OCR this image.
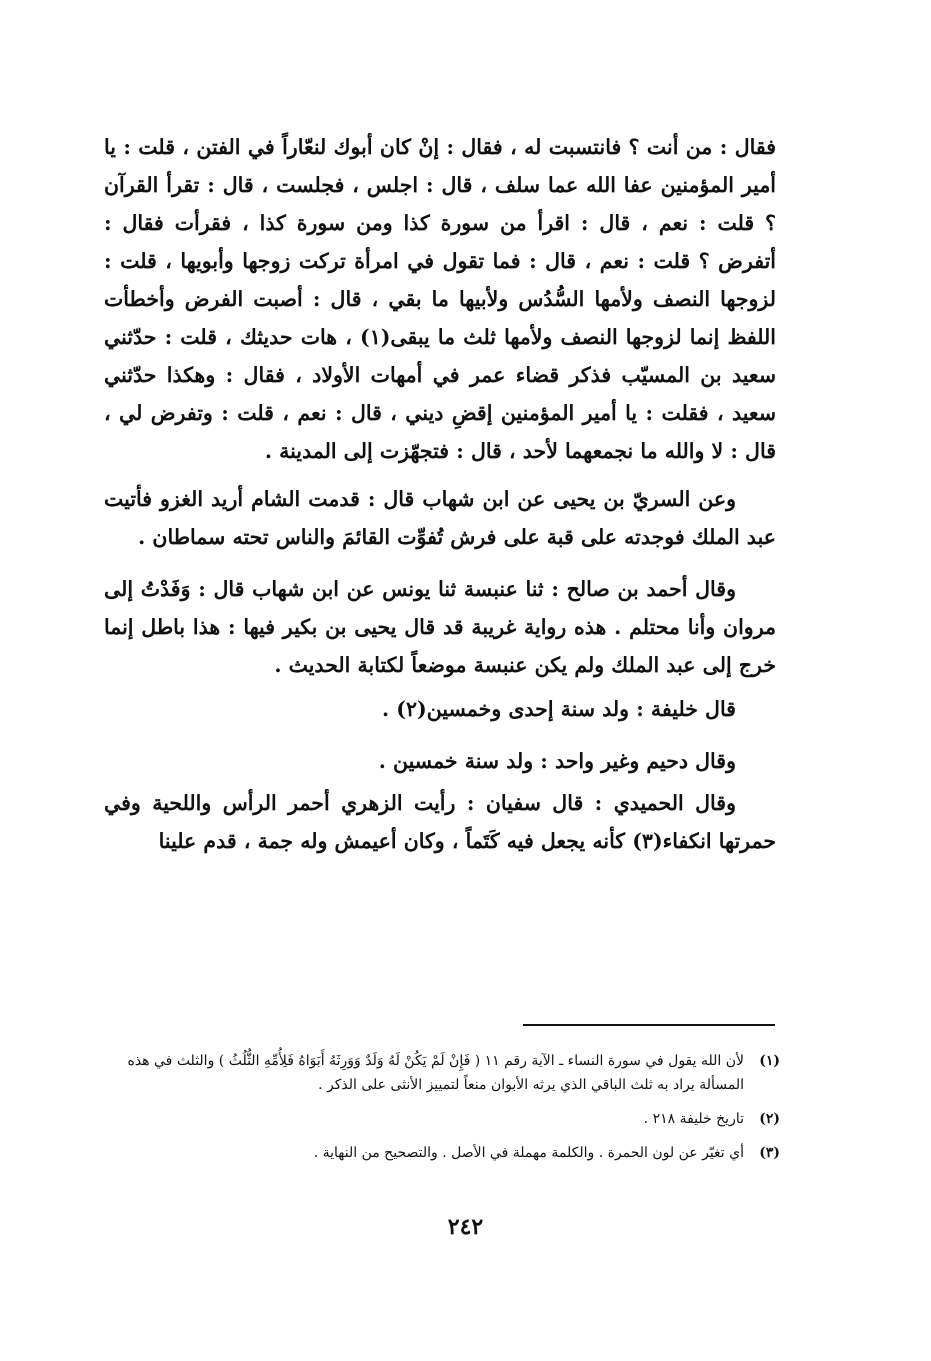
فقال : من أنت ؟ فانتسبت له ، فقال : إنْ كان أبوك لنعّاراً في الفتن ، قلت : يا أمير المؤمنين عفا الله عما سلف ، قال : اجلس ، فجلست ، قال : تقرأ القرآن ؟ قلت : نعم ، قال : اقرأ من سورة كذا ومن سورة كذا ، فقرأت فقال : أتفرض ؟ قلت : نعم ، قال : فما تقول في امرأة تركت زوجها وأبويها ، قلت : لزوجها النصف ولأمها السُّدُس ولأبيها ما بقي ، قال : أصبت الفرض وأخطأت اللفظ إنما لزوجها النصف ولأمها ثلث ما يبقى(١) ، هات حديثك ، قلت : حدّثني سعيد بن المسيّب فذكر قضاء عمر في أمهات الأولاد ، فقال : وهكذا حدّثني سعيد ، فقلت : يا أمير المؤمنين إقضِ ديني ، قال : نعم ، قلت : وتفرض لي ، قال : لا والله ما نجمعهما لأحد ، قال : فتجهّزت إلى المدينة .

وعن السريّ بن يحيى عن ابن شهاب قال : قدمت الشام أريد الغزو فأتيت عبد الملك فوجدته على قبة على فرش تُفوِّت القائمَ والناس تحته سماطان .

وقال أحمد بن صالح : ثنا عنبسة ثنا يونس عن ابن شهاب قال : وَفَدْتُ إلى مروان وأنا محتلم . هذه رواية غريبة قد قال يحيى بن بكير فيها : هذا باطل إنما خرج إلى عبد الملك ولم يكن عنبسة موضعاً لكتابة الحديث .

قال خليفة : ولد سنة إحدى وخمسين(٢) .

وقال دحيم وغير واحد : ولد سنة خمسين .

وقال الحميدي : قال سفيان : رأيت الزهري أحمر الرأس واللحية وفي حمرتها انكفاء(٣) كأنه يجعل فيه كَتَماً ، وكان أعيمش وله جمة ، قدم علينا

(١)
لأن الله يقول في سورة النساء ـ الآية رقم ١١ ( فَإِنْ لَمْ يَكُنْ لَهُ وَلَدٌ وَوَرِثَهُ أَبَوَاهُ فَلِأُمِّهِ الثُّلُثُ ) والثلث في هذه المسألة يراد به ثلث الباقي الذي يرثه الأبوان منعاً لتمييز الأنثى على الذكر .
(٢)
تاريخ خليفة ٢١٨ .
(٣)
أي تغيّر عن لون الحمرة . والكلمة مهملة في الأصل . والتصحيح من النهاية .
٢٤٢
